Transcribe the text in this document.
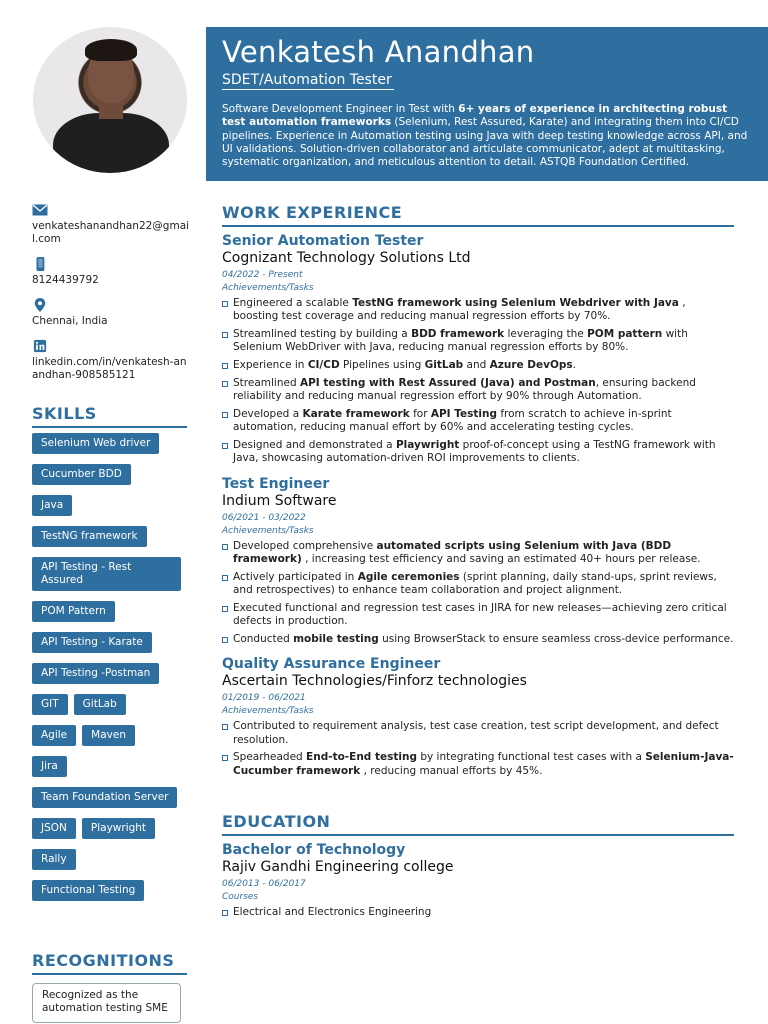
venkateshanandhan22@gmail.com
8124439792
Chennai, India
linkedin.com/in/venkatesh-anandhan-908585121
SKILLS
Selenium Web driver
Cucumber BDD
Java
TestNG framework
API Testing - Rest Assured
POM Pattern
API Testing - Karate
API Testing -Postman
GIT	GitLab
Agile	Maven
Jira
Team Foundation Server
JSON	Playwright
Rally
Functional Testing
RECOGNITIONS
Recognized as the automation testing SME
Venkatesh Anandhan
SDET/Automation Tester
Software Development Engineer in Test with 6+ years of experience in architecting robust test automation frameworks (Selenium, Rest Assured, Karate) and integrating them into CI/CD pipelines. Experience in Automation testing using Java with deep testing knowledge across API, and UI validations. Solution-driven collaborator and articulate communicator, adept at multitasking, systematic organization, and meticulous attention to detail. ASTQB Foundation Certified.
WORK EXPERIENCE
Senior Automation Tester
Cognizant Technology Solutions Ltd
04/2022 - Present
Achievements/Tasks
Engineered a scalable TestNG framework using Selenium Webdriver with Java , boosting test coverage and reducing manual regression efforts by 70%.
Streamlined testing by building a BDD framework leveraging the POM pattern with Selenium WebDriver with Java, reducing manual regression efforts by 80%.
Experience in CI/CD Pipelines using GitLab and Azure DevOps.
Streamlined API testing with Rest Assured (Java) and Postman, ensuring backend reliability and reducing manual regression effort by 90% through Automation.
Developed a Karate framework for API Testing from scratch to achieve in-sprint automation, reducing manual effort by 60% and accelerating testing cycles.
Designed and demonstrated a Playwright proof-of-concept using a TestNG framework with Java, showcasing automation-driven ROI improvements to clients.
Test Engineer
Indium Software
06/2021 - 03/2022
Achievements/Tasks
Developed comprehensive automated scripts using Selenium with Java (BDD framework) , increasing test efficiency and saving an estimated 40+ hours per release.
Actively participated in Agile ceremonies (sprint planning, daily stand-ups, sprint reviews, and retrospectives) to enhance team collaboration and project alignment.
Executed functional and regression test cases in JIRA for new releases—achieving zero critical defects in production.
Conducted mobile testing using BrowserStack to ensure seamless cross-device performance.
Quality Assurance Engineer
Ascertain Technologies/Finforz technologies
01/2019 - 06/2021
Achievements/Tasks
Contributed to requirement analysis, test case creation, test script development, and defect resolution.
Spearheaded End-to-End testing by integrating functional test cases with a Selenium-Java-Cucumber framework , reducing manual efforts by 45%.
EDUCATION
Bachelor of Technology
Rajiv Gandhi Engineering college
06/2013 - 06/2017
Courses
Electrical and Electronics Engineering
